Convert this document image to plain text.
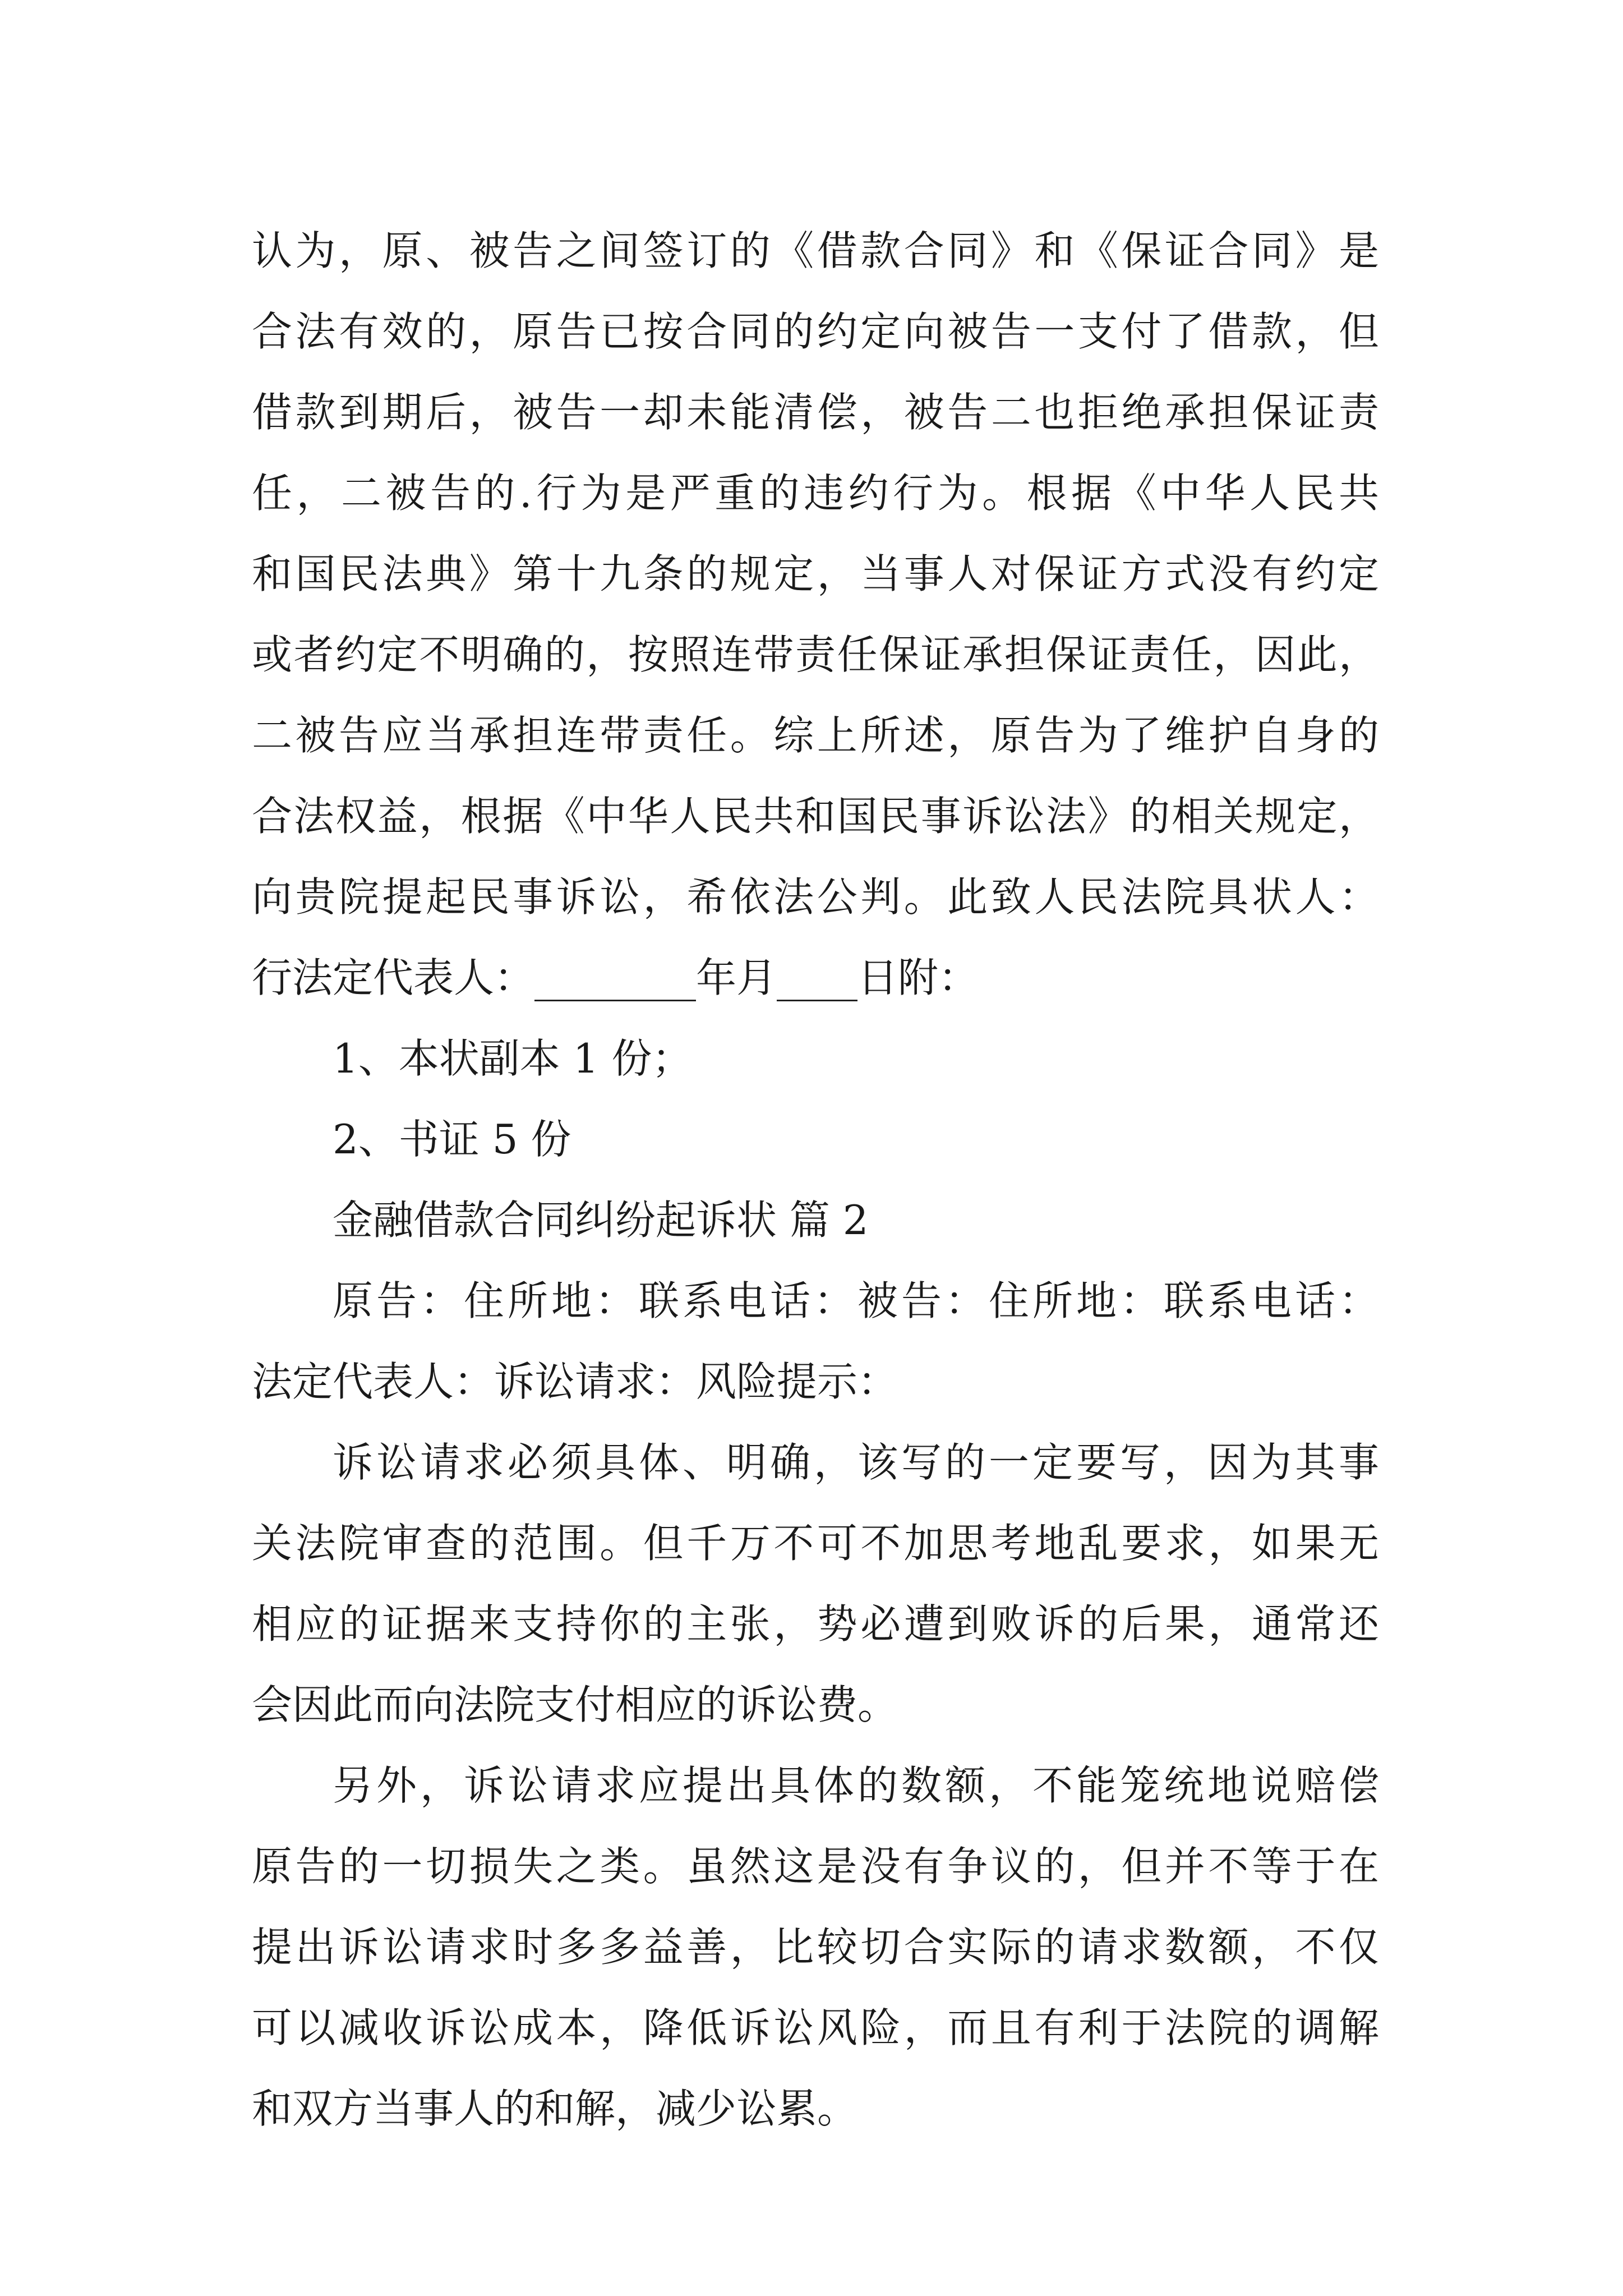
认为，原、被告之间签订的《借款合同》和《保证合同》是
合法有效的，原告已按合同的约定向被告一支付了借款，但
借款到期后，被告一却未能清偿，被告二也拒绝承担保证责
任，二被告的.行为是严重的违约行为。根据《中华人民共
和国民法典》第十九条的规定，当事人对保证方式没有约定
或者约定不明确的，按照连带责任保证承担保证责任，因此，
二被告应当承担连带责任。综上所述，原告为了维护自身的
合法权益，根据《中华人民共和国民事诉讼法》的相关规定，
向贵院提起民事诉讼，希依法公判。此致人民法院具状人：
行法定代表人：________年月____日附：
1、本状副本 1 份；
2、书证 5 份
金融借款合同纠纷起诉状 篇 2
原告：住所地：联系电话：被告：住所地：联系电话：
法定代表人：诉讼请求：风险提示：
诉讼请求必须具体、明确，该写的一定要写，因为其事
关法院审查的范围。但千万不可不加思考地乱要求，如果无
相应的证据来支持你的主张，势必遭到败诉的后果，通常还
会因此而向法院支付相应的诉讼费。
另外，诉讼请求应提出具体的数额，不能笼统地说赔偿
原告的一切损失之类。虽然这是没有争议的，但并不等于在
提出诉讼请求时多多益善，比较切合实际的请求数额，不仅
可以减收诉讼成本，降低诉讼风险，而且有利于法院的调解
和双方当事人的和解，减少讼累。
